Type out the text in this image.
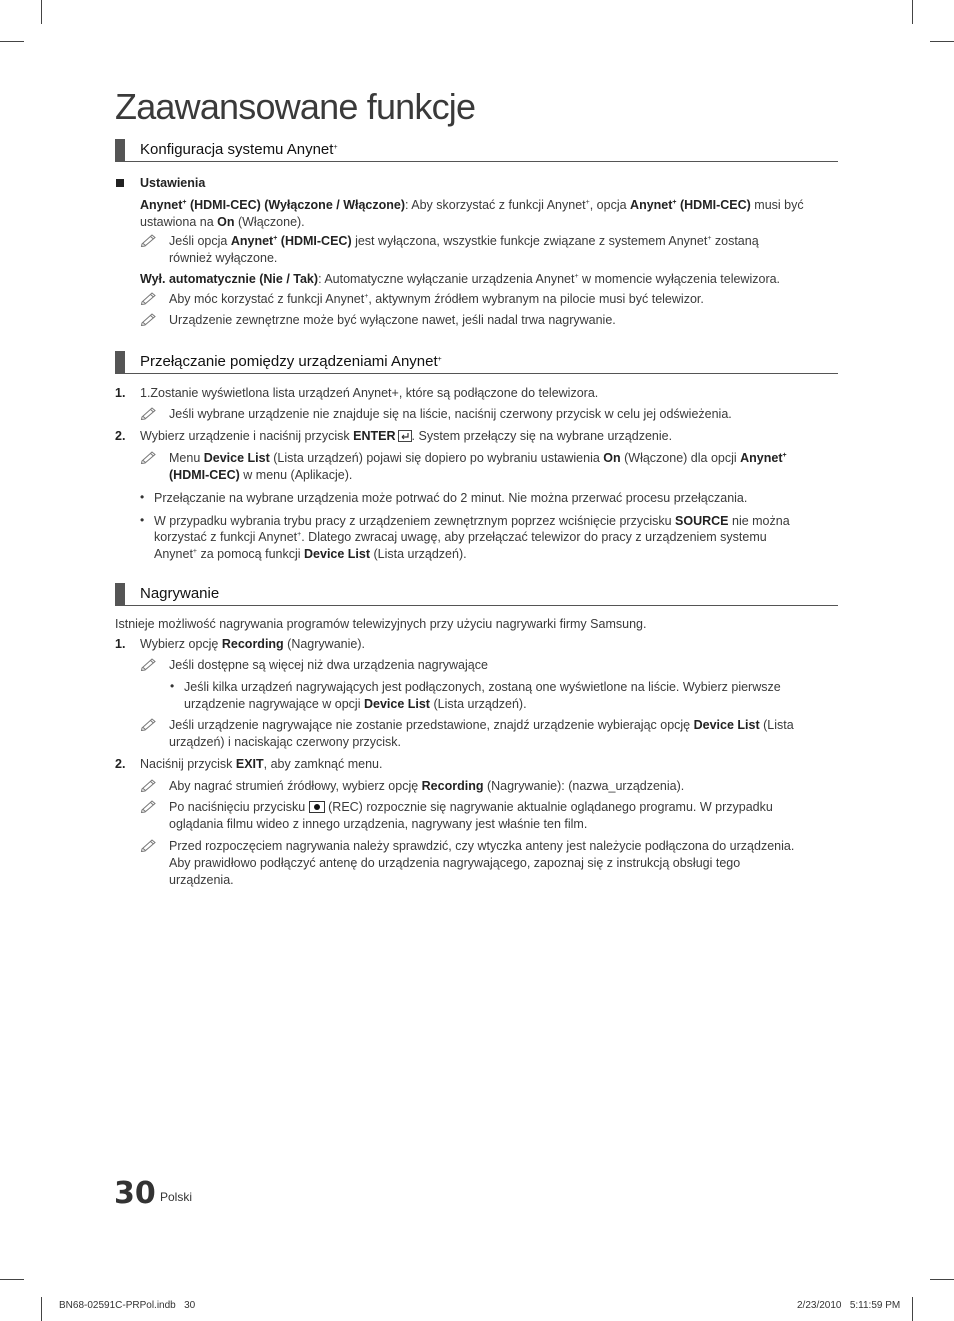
Zaawansowane funkcje
Konfiguracja systemu Anynet+
Ustawienia
Anynet+ (HDMI-CEC) (Wyłączone / Włączone): Aby skorzystać z funkcji Anynet+, opcja Anynet+ (HDMI-CEC) musi być
ustawiona na On (Włączone).
Jeśli opcja Anynet+ (HDMI-CEC) jest wyłączona, wszystkie funkcje związane z systemem Anynet+ zostaną
również wyłączone.
Wył. automatycznie (Nie / Tak): Automatyczne wyłączanie urządzenia Anynet+ w momencie wyłączenia telewizora.
Aby móc korzystać z funkcji Anynet+, aktywnym źródłem wybranym na pilocie musi być telewizor.
Urządzenie zewnętrzne może być wyłączone nawet, jeśli nadal trwa nagrywanie.
Przełączanie pomiędzy urządzeniami Anynet+
1. 1.Zostanie wyświetlona lista urządzeń Anynet+, które są podłączone do telewizora.
Jeśli wybrane urządzenie nie znajduje się na liście, naciśnij czerwony przycisk w celu jej odświeżenia.
2. Wybierz urządzenie i naciśnij przycisk ENTER . System przełączy się na wybrane urządzenie.
Menu Device List (Lista urządzeń) pojawi się dopiero po wybraniu ustawienia On (Włączone) dla opcji Anynet+
(HDMI-CEC) w menu (Aplikacje).
• Przełączanie na wybrane urządzenia może potrwać do 2 minut. Nie można przerwać procesu przełączania.
• W przypadku wybrania trybu pracy z urządzeniem zewnętrznym poprzez wciśnięcie przycisku SOURCE nie można
korzystać z funkcji Anynet+. Dlatego zwracaj uwagę, aby przełączać telewizor do pracy z urządzeniem systemu
Anynet+ za pomocą funkcji Device List (Lista urządzeń).
Nagrywanie
Istnieje możliwość nagrywania programów telewizyjnych przy użyciu nagrywarki firmy Samsung.
1. Wybierz opcję Recording (Nagrywanie).
Jeśli dostępne są więcej niż dwa urządzenia nagrywające
• Jeśli kilka urządzeń nagrywających jest podłączonych, zostaną one wyświetlone na liście. Wybierz pierwsze
urządzenie nagrywające w opcji Device List (Lista urządzeń).
Jeśli urządzenie nagrywające nie zostanie przedstawione, znajdź urządzenie wybierając opcję Device List (Lista
urządzeń) i naciskając czerwony przycisk.
2. Naciśnij przycisk EXIT, aby zamknąć menu.
Aby nagrać strumień źródłowy, wybierz opcję Recording (Nagrywanie): (nazwa_urządzenia).
Po naciśnięciu przycisku  (REC) rozpocznie się nagrywanie aktualnie oglądanego programu. W przypadku
oglądania filmu wideo z innego urządzenia, nagrywany jest właśnie ten film.
Przed rozpoczęciem nagrywania należy sprawdzić, czy wtyczka anteny jest należycie podłączona do urządzenia.
Aby prawidłowo podłączyć antenę do urządzenia nagrywającego, zapoznaj się z instrukcją obsługi tego
urządzenia.
30 Polski
BN68-02591C-PRPol.indb   30	2/23/2010   5:11:59 PM
